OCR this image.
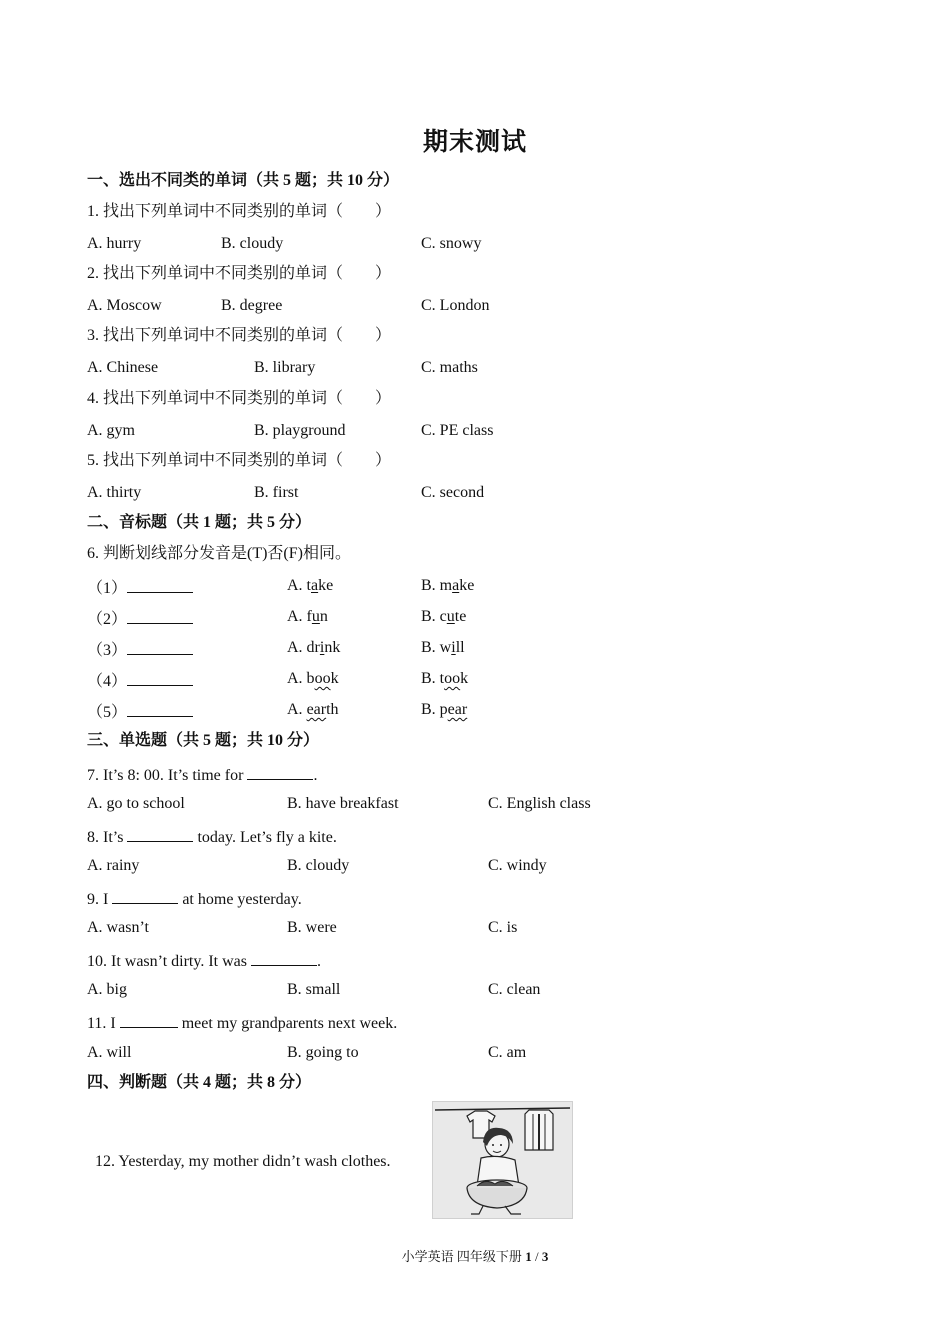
期末测试
一、选出不同类的单词（共 5 题；共 10 分）
1. 找出下列单词中不同类别的单词（　　）
A. hurry	B. cloudy	C. snowy
2. 找出下列单词中不同类别的单词（　　）
A. Moscow	B. degree	C. London
3. 找出下列单词中不同类别的单词（　　）
A. Chinese	B. library	C. maths
4. 找出下列单词中不同类别的单词（　　）
A. gym	B. playground	C. PE class
5. 找出下列单词中不同类别的单词（　　）
A. thirty	B. first	C. second
二、音标题（共 1 题；共 5 分）
6. 判断划线部分发音是(T)否(F)相同。
（1）	A. take	B. make
（2）	A. fun	B. cute
（3）	A. drink	B. will
（4）	A. book	B. took
（5）	A. earth	B. pear
三、单选题（共 5 题；共 10 分）
7. It’s 8: 00. It’s time for	.
A. go to school	B. have breakfast	C. English class
8. It’s	today. Let’s fly a kite.
A. rainy	B. cloudy	C. windy
9. I	at home yesterday.
A. wasn’t	B. were	C. is
10. It wasn’t dirty. It was	.
A. big	B. small	C. clean
11. I	meet my grandparents next week.
A. will	B. going to	C. am
四、判断题（共 4 题；共 8 分）
12. Yesterday, my mother didn’t wash clothes.
小学英语 四年级下册 1 / 3
